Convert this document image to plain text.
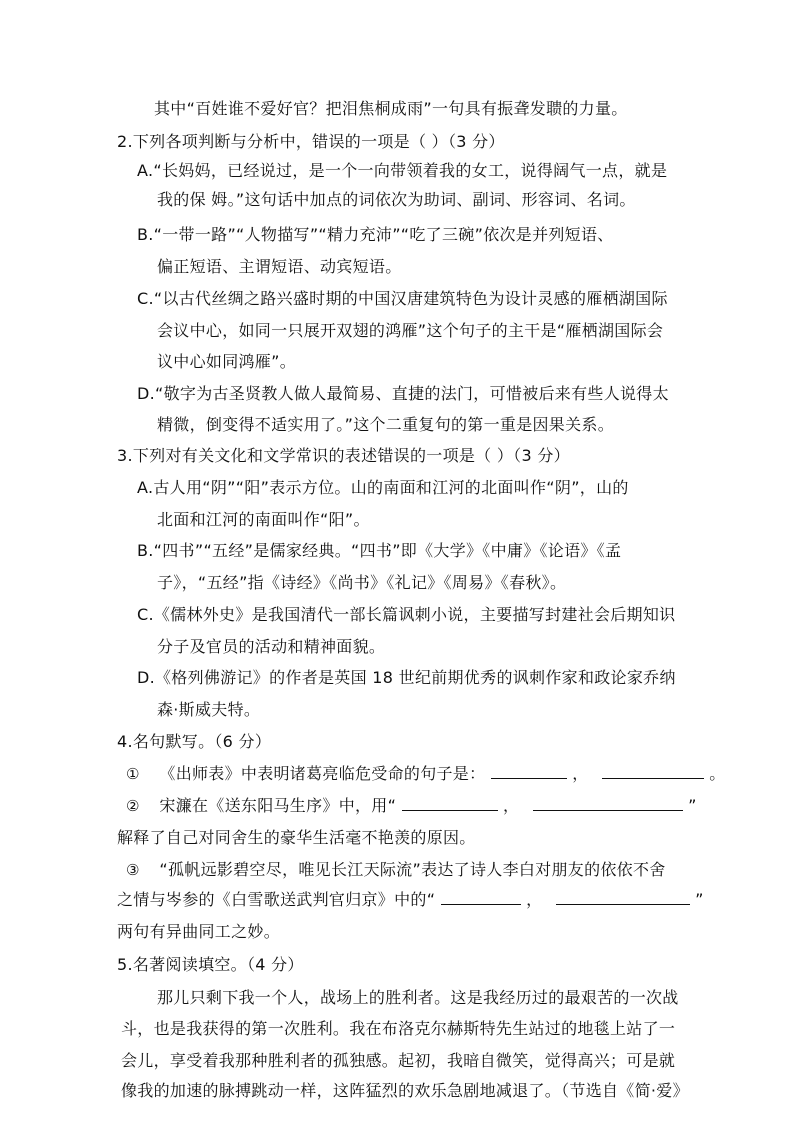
其中“百姓谁不爱好官？把泪焦桐成雨”一句具有振聋发聩的力量。
2.下列各项判断与分析中，错误的一项是（ ）（3 分）
A.“长妈妈，已经说过，是一个一向带领着我的女工，说得阔气一点，就是
我的保 姆。”这句话中加点的词依次为助词、副词、形容词、名词。
B.“一带一路”“人物描写”“精力充沛”“吃了三碗”依次是并列短语、
偏正短语、主谓短语、动宾短语。
C.“以古代丝绸之路兴盛时期的中国汉唐建筑特色为设计灵感的雁栖湖国际
会议中心，如同一只展开双翅的鸿雁”这个句子的主干是“雁栖湖国际会
议中心如同鸿雁”。
D.“敬字为古圣贤教人做人最简易、直捷的法门，可惜被后来有些人说得太
精微，倒变得不适实用了。”这个二重复句的第一重是因果关系。
3.下列对有关文化和文学常识的表述错误的一项是（ ）（3 分）
A.古人用“阴”“阳”表示方位。山的南面和江河的北面叫作“阴”，山的
北面和江河的南面叫作“阳”。
B.“四书”“五经”是儒家经典。“四书”即《大学》《中庸》《论语》《孟
子》，“五经”指《诗经》《尚书》《礼记》《周易》《春秋》。
C.《儒林外史》是我国清代一部长篇讽刺小说，主要描写封建社会后期知识
分子及官员的活动和精神面貌。
D.《格列佛游记》的作者是英国 18 世纪前期优秀的讽刺作家和政论家乔纳
森·斯威夫特。
4.名句默写。（6 分）
① 《出师表》中表明诸葛亮临危受命的句子是：	，	。
② 宋濂在《送东阳马生序》中，用“	，	”
解释了自己对同舍生的豪华生活毫不艳羡的原因。
③ “孤帆远影碧空尽，唯见长江天际流”表达了诗人李白对朋友的依依不舍
之情与岑参的《白雪歌送武判官归京》中的“	，	”
两句有异曲同工之妙。
5.名著阅读填空。（4 分）
那儿只剩下我一个人，战场上的胜利者。这是我经历过的最艰苦的一次战
斗，也是我获得的第一次胜利。我在布洛克尔赫斯特先生站过的地毯上站了一
会儿，享受着我那种胜利者的孤独感。起初，我暗自微笑，觉得高兴；可是就
像我的加速的脉搏跳动一样，这阵猛烈的欢乐急剧地减退了。（节选自《简·爱》
